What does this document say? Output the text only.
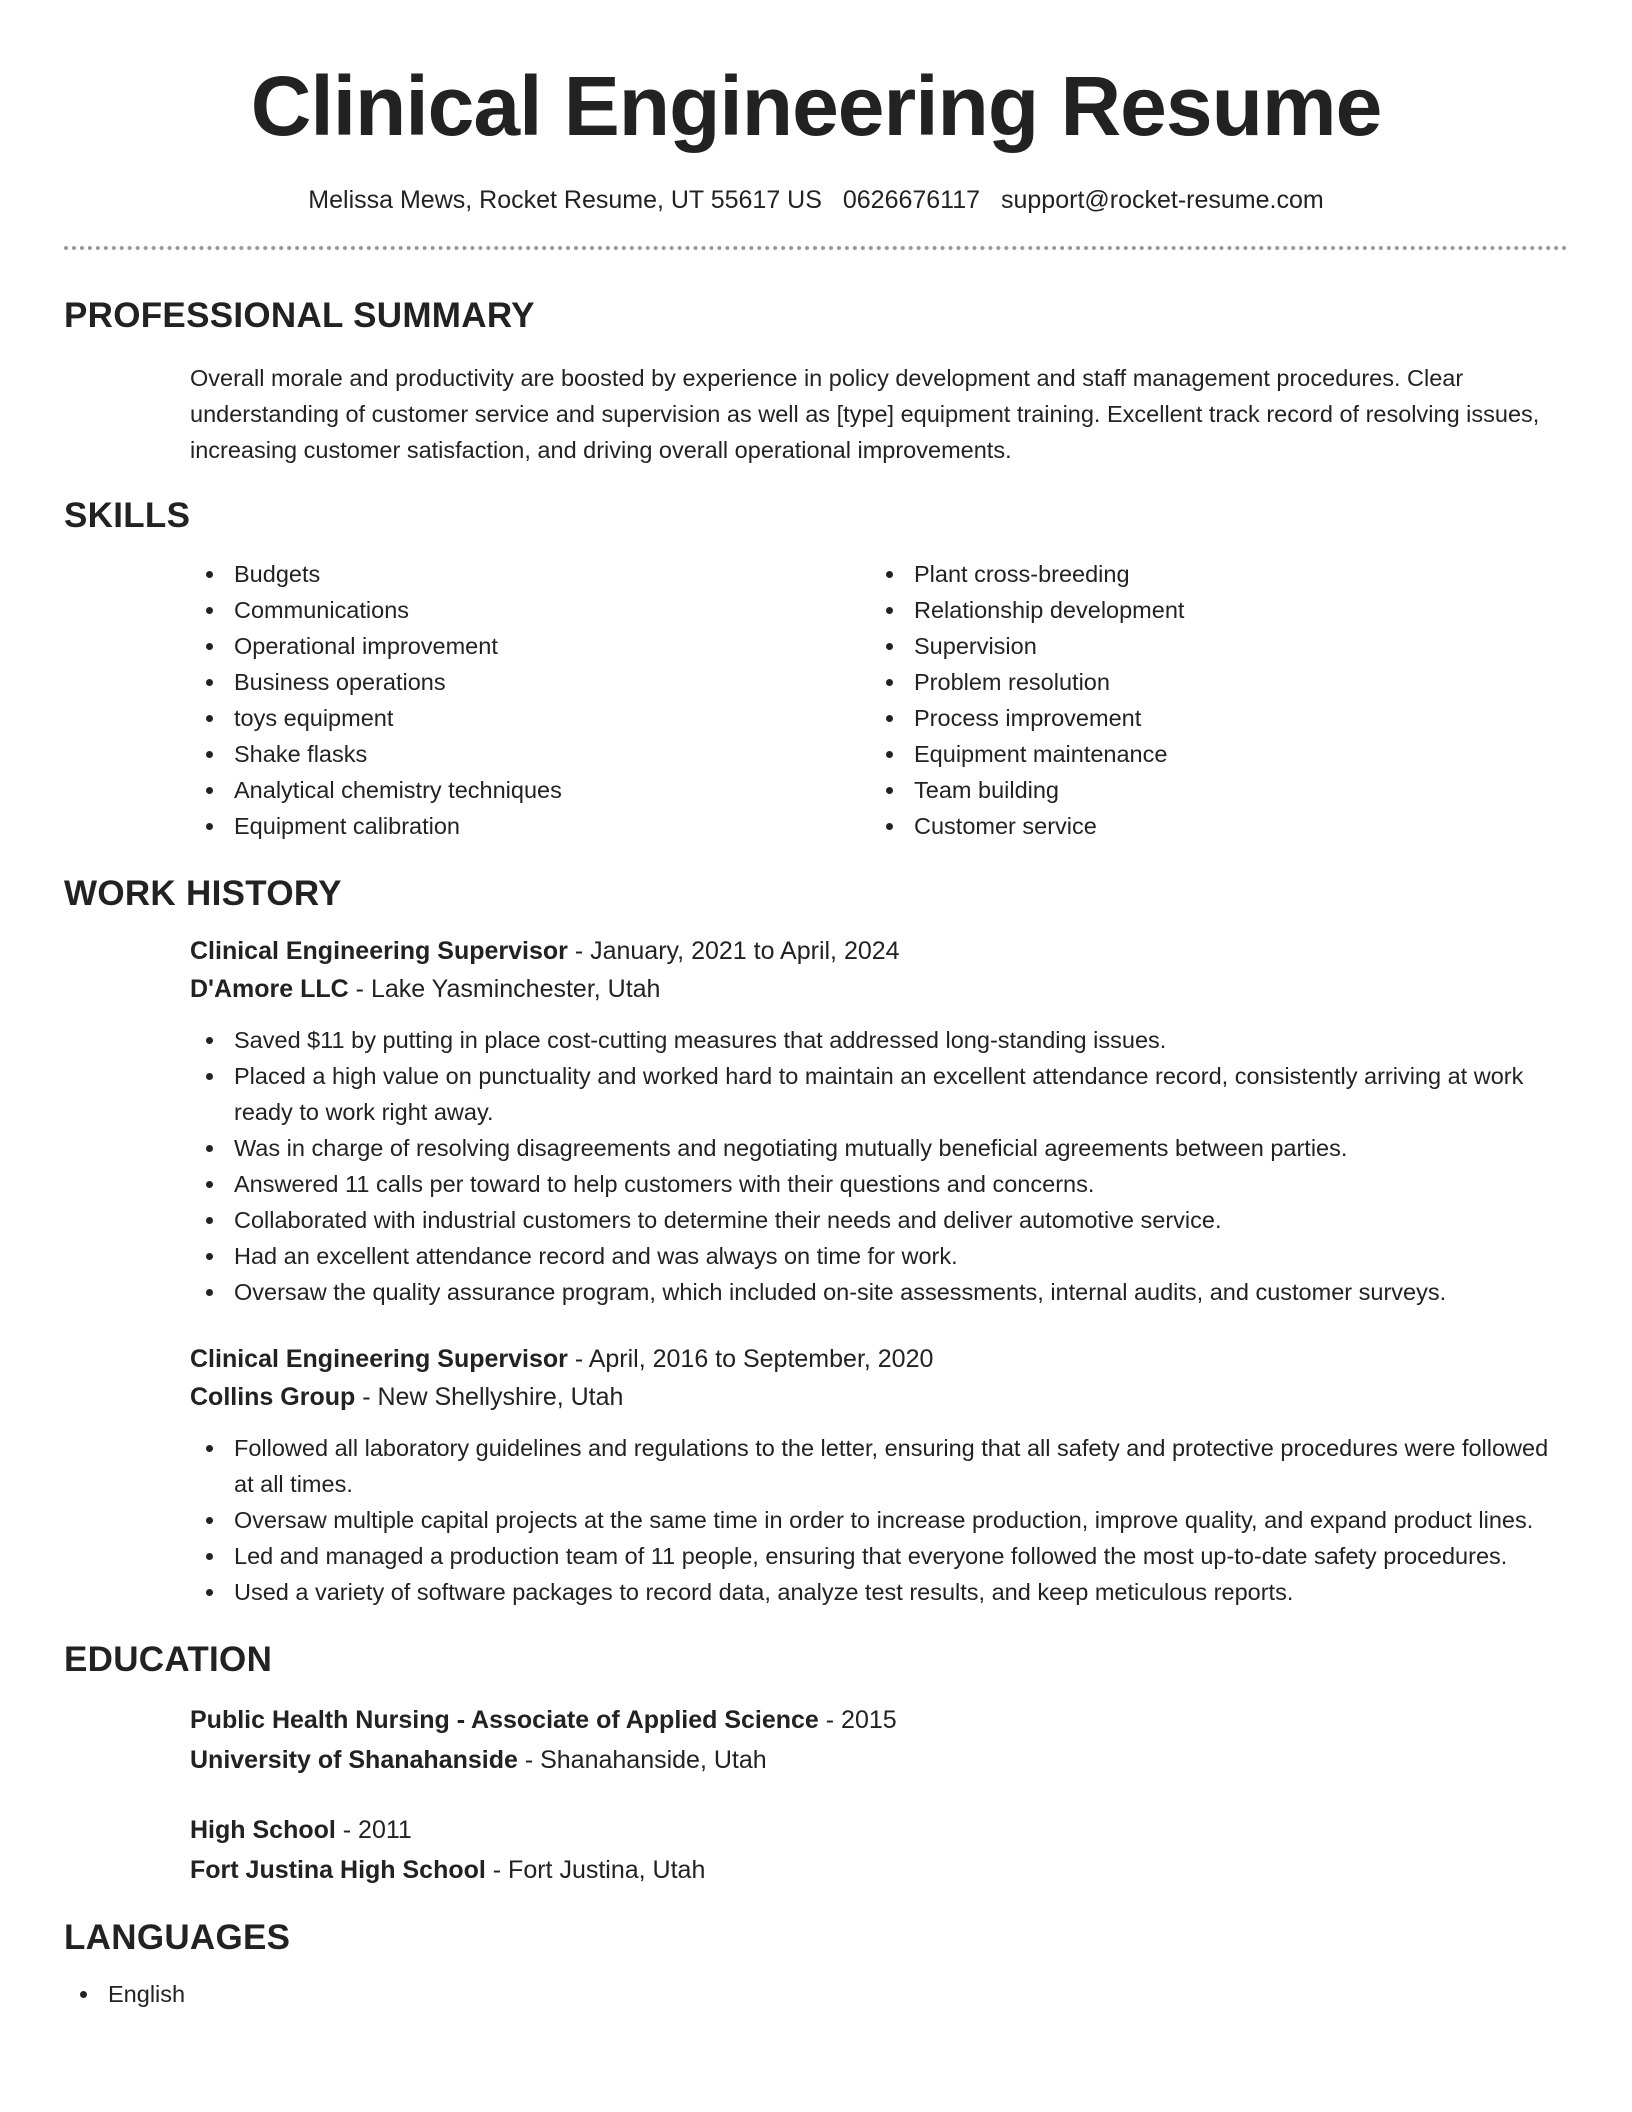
Clinical Engineering Resume
Melissa Mews, Rocket Resume, UT 55617 US 0626676117 support@rocket-resume.com
PROFESSIONAL SUMMARY

Overall morale and productivity are boosted by experience in policy development and staff management procedures. Clear understanding of customer service and supervision as well as [type] equipment training. Excellent track record of resolving issues, increasing customer satisfaction, and driving overall operational improvements.

SKILLS
Budgets
Communications
Operational improvement
Business operations
toys equipment
Shake flasks
Analytical chemistry techniques
Equipment calibration
Plant cross-breeding
Relationship development
Supervision
Problem resolution
Process improvement
Equipment maintenance
Team building
Customer service
WORK HISTORY
Clinical Engineering Supervisor - January, 2021 to April, 2024
D'Amore LLC - Lake Yasminchester, Utah
Saved $11 by putting in place cost-cutting measures that addressed long-standing issues.
Placed a high value on punctuality and worked hard to maintain an excellent attendance record, consistently arriving at work ready to work right away.
Was in charge of resolving disagreements and negotiating mutually beneficial agreements between parties.
Answered 11 calls per toward to help customers with their questions and concerns.
Collaborated with industrial customers to determine their needs and deliver automotive service.
Had an excellent attendance record and was always on time for work.
Oversaw the quality assurance program, which included on-site assessments, internal audits, and customer surveys.
Clinical Engineering Supervisor - April, 2016 to September, 2020
Collins Group - New Shellyshire, Utah
Followed all laboratory guidelines and regulations to the letter, ensuring that all safety and protective procedures were followed at all times.
Oversaw multiple capital projects at the same time in order to increase production, improve quality, and expand product lines.
Led and managed a production team of 11 people, ensuring that everyone followed the most up-to-date safety procedures.
Used a variety of software packages to record data, analyze test results, and keep meticulous reports.
EDUCATION
Public Health Nursing - Associate of Applied Science - 2015
University of Shanahanside - Shanahanside, Utah
High School - 2011
Fort Justina High School - Fort Justina, Utah
LANGUAGES
English
